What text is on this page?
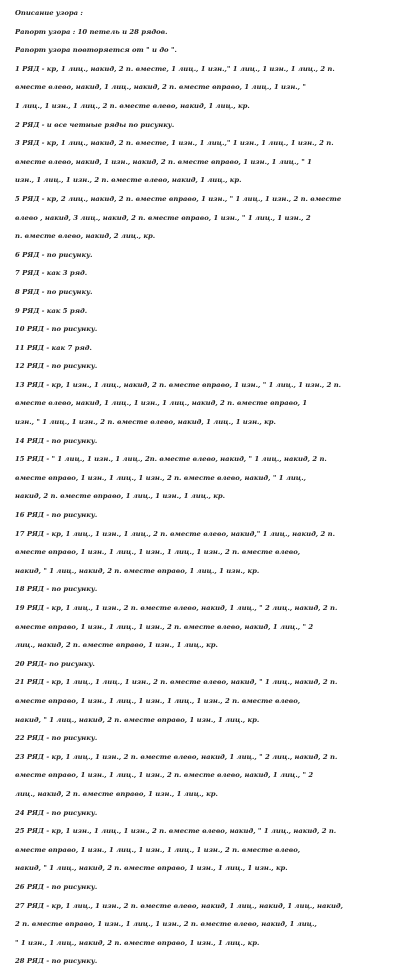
Описание узора :
Рапорт узора : 10 петель и 28 рядов.
Рапорт узора повторяется от " и до ".
1 РЯД - кр, 1 лиц., накид, 2 п. вместе, 1 лиц., 1 изн.," 1 лиц., 1 изн., 1 лиц., 2 п.
вместе влево, накид, 1 лиц., накид, 2 п. вместе вправо, 1 лиц., 1 изн., "
1 лиц., 1 изн., 1 лиц., 2 п. вместе влево, накид, 1 лиц., кр.
2 РЯД - и все четные ряды по рисунку.
3 РЯД - кр, 1 лиц., накид, 2 п. вместе, 1 изн., 1 лиц.," 1 изн., 1 лиц., 1 изн., 2 п.
вместе влево, накид, 1 изн., накид, 2 п. вместе вправо, 1 изн., 1 лиц., " 1
изн., 1 лиц., 1 изн., 2 п. вместе влево, накид, 1 лиц., кр.
5 РЯД - кр, 2 лиц., накид, 2 п. вместе вправо, 1 изн., " 1 лиц., 1 изн., 2 п. вместе
влево , накид, 3 лиц., накид, 2 п. вместе вправо, 1 изн., " 1 лиц., 1 изн., 2
п. вместе влево, накид, 2 лиц., кр.
6 РЯД - по рисунку.
7 РЯД - как 3 ряд.
8 РЯД - по рисунку.
9 РЯД - как 5 ряд.
10 РЯД - по рисунку.
11 РЯД - как 7 ряд.
12 РЯД - по рисунку.
13 РЯД - кр, 1 изн., 1 лиц., накид, 2 п. вместе вправо, 1 изн., " 1 лиц., 1 изн., 2 п.
вместе влево, накид, 1 лиц., 1 изн., 1 лиц., накид, 2 п. вместе вправо, 1
изн., " 1 лиц., 1 изн., 2 п. вместе влево, накид, 1 лиц., 1 изн., кр.
14 РЯД - по рисунку.
15 РЯД - " 1 лиц., 1 изн., 1 лиц., 2п. вместе влево, накид, " 1 лиц., накид, 2 п.
вместе вправо, 1 изн., 1 лиц., 1 изн., 2 п. вместе влево, накид, " 1 лиц.,
накид, 2 п. вместе вправо, 1 лиц., 1 изн., 1 лиц., кр.
16 РЯД - по рисунку.
17 РЯД - кр, 1 лиц., 1 изн., 1 лиц., 2 п. вместе влево, накид," 1 лиц., накид, 2 п.
вместе вправо, 1 изн., 1 лиц., 1 изн., 1 лиц., 1 изн., 2 п. вместе влево,
накид, " 1 лиц., накид, 2 п. вместе вправо, 1 лиц., 1 изн., кр.
18 РЯД - по рисунку.
19 РЯД - кр, 1 лиц., 1 изн., 2 п. вместе влево, накид, 1 лиц., " 2 лиц., накид, 2 п.
вместе вправо, 1 изн., 1 лиц., 1 изн., 2 п. вместе влево, накид, 1 лиц., " 2
лиц., накид, 2 п. вместе вправо, 1 изн., 1 лиц., кр.
20 РЯД- по рисунку.
21 РЯД - кр, 1 лиц., 1 лиц., 1 изн., 2 п. вместе влево, накид, " 1 лиц., накид, 2 п.
вместе вправо, 1 изн., 1 лиц., 1 изн., 1 лиц., 1 изн., 2 п. вместе влево,
накид, " 1 лиц., накид, 2 п. вместе вправо, 1 изн., 1 лиц., кр.
22 РЯД - по рисунку.
23 РЯД - кр, 1 лиц., 1 изн., 2 п. вместе влево, накид, 1 лиц., " 2 лиц., накид, 2 п.
вместе вправо, 1 изн., 1 лиц., 1 изн., 2 п. вместе влево, накид, 1 лиц., " 2
лиц., накид, 2 п. вместе вправо, 1 изн., 1 лиц., кр.
24 РЯД - по рисунку.
25 РЯД - кр, 1 изн., 1 лиц., 1 изн., 2 п. вместе влево, накид, " 1 лиц., накид, 2 п.
вместе вправо, 1 изн., 1 лиц., 1 изн., 1 лиц., 1 изн., 2 п. вместе влево,
накид, " 1 лиц., накид, 2 п. вместе вправо, 1 изн., 1 лиц., 1 изн., кр.
26 РЯД - по рисунку.
27 РЯД - кр, 1 лиц., 1 изн., 2 п. вместе влево, накид, 1 лиц., накид, 1 лиц., накид,
2 п. вместе вправо, 1 изн., 1 лиц., 1 изн., 2 п. вместе влево, накид, 1 лиц.,
" 1 изн., 1 лиц., накид, 2 п. вместе вправо, 1 изн., 1 лиц., кр.
28 РЯД - по рисунку.
